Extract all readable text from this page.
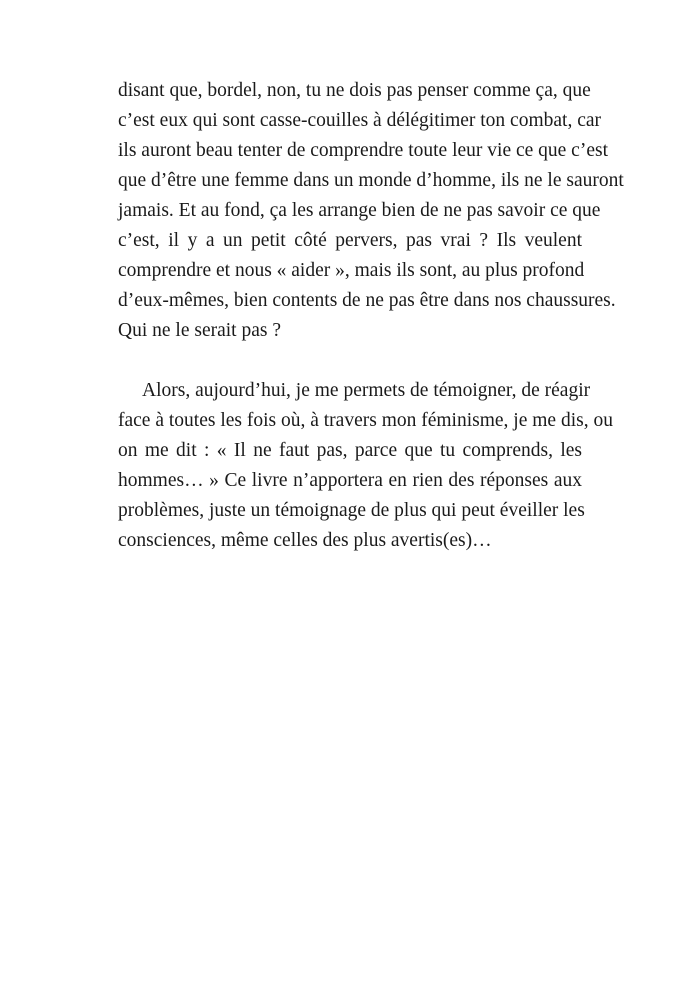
disant que, bordel, non, tu ne dois pas penser comme ça, que
c’est eux qui sont casse-couilles à délégitimer ton combat, car
ils auront beau tenter de comprendre toute leur vie ce que c’est
que d’être une femme dans un monde d’homme, ils ne le sauront
jamais. Et au fond, ça les arrange bien de ne pas savoir ce que
c’est, il y a un petit côté pervers, pas vrai ? Ils veulent
comprendre et nous « aider », mais ils sont, au plus profond
d’eux-mêmes, bien contents de ne pas être dans nos chaussures.
Qui ne le serait pas ?

Alors, aujourd’hui, je me permets de témoigner, de réagir
face à toutes les fois où, à travers mon féminisme, je me dis, ou
on me dit : « Il ne faut pas, parce que tu comprends, les
hommes… » Ce livre n’apportera en rien des réponses aux
problèmes, juste un témoignage de plus qui peut éveiller les
consciences, même celles des plus avertis(es)…
